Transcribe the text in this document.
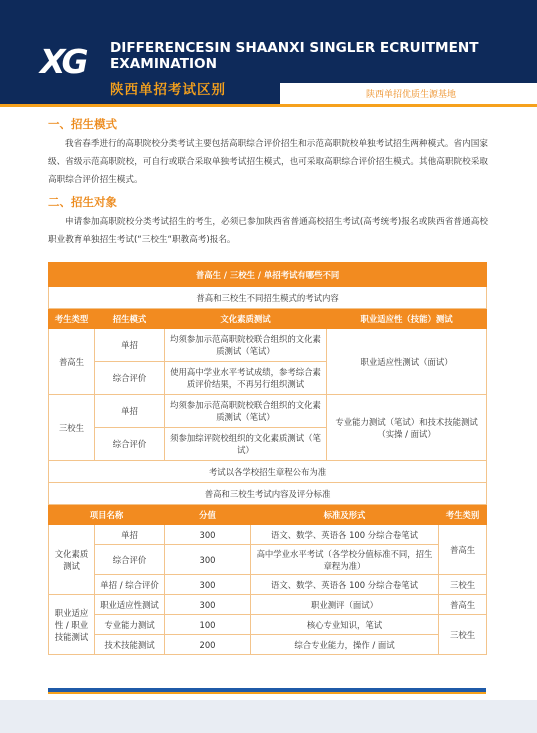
XG DIFFERENCESIN SHAANXI SINGLER ECRUITMENT EXAMINATION
陕西单招考试区别	陕西单招优质生源基地
一、招生模式
我省春季进行的高职院校分类考试主要包括高职综合评价招生和示范高职院校单独考试招生两种模式。省内国家级、省级示范高职院校，可自行或联合采取单独考试招生模式，也可采取高职综合评价招生模式。其他高职院校采取高职综合评价招生模式。
二、招生对象
申请参加高职院校分类考试招生的考生，必须已参加陕西省普通高校招生考试(高考统考)报名或陕西省普通高校职业教育单独招生考试(“三校生“职教高考)报名。
普高生 / 三校生 / 单招考试有哪些不同					
普高和三校生不同招生模式的考试内容					
考生类型	招生模式	文化素质测试		职业适应性（技能）测试	
普高生	单招	均须参加示范高职院校联合组织的文化素质测试（笔试）		职业适应性测试（面试）	
	综合评价	使用高中学业水平考试成绩，参考综合素质评价结果，不再另行组织测试			
三校生	单招	均须参加示范高职院校联合组织的文化素质测试（笔试）		专业能力测试（笔试）和技术技能测试（实操 / 面试）	
	综合评价	须参加综评院校组织的文化素质测试（笔试）			
考试以各学校招生章程公布为准					
普高和三校生考试内容及评分标准					
项目名称		分值	标准及形式		考生类别
文化素质测试	单招	300	语文、数学、英语各 100 分综合卷笔试		普高生
	综合评价	300	高中学业水平考试（各学校分值标准不同，招生章程为准）		
	单招 / 综合评价	300	语文、数学、英语各 100 分综合卷笔试		三校生
职业适应性 / 职业技能测试	职业适应性测试	300	职业测评（面试）		普高生
	专业能力测试	100	核心专业知识，笔试		三校生
	技术技能测试	200	综合专业能力，操作 / 面试		
